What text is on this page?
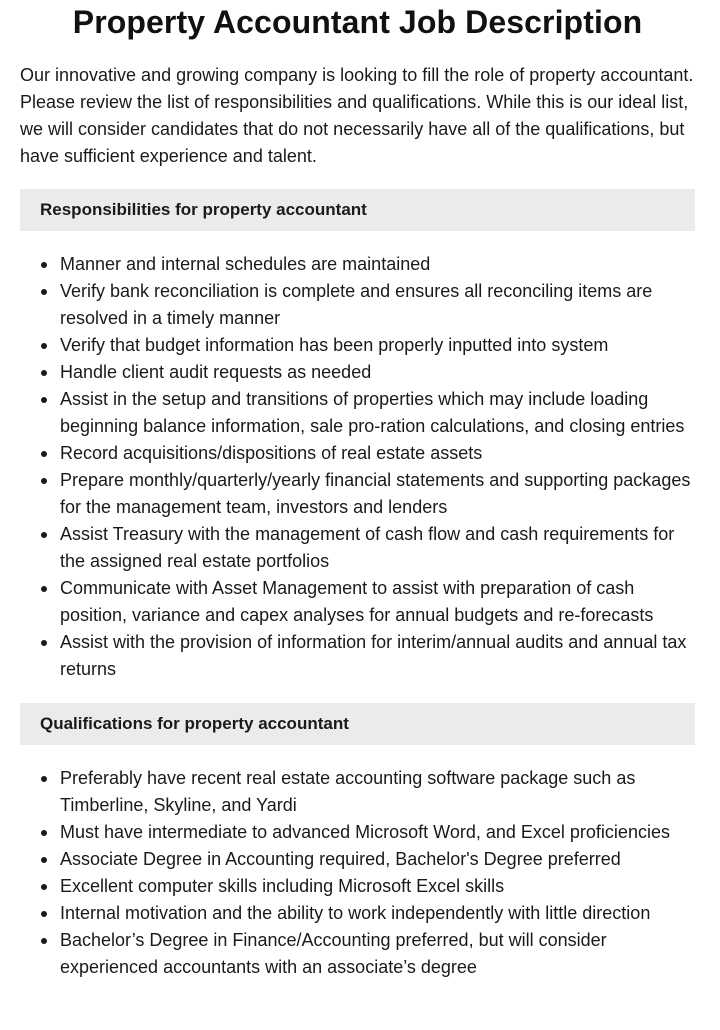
Property Accountant Job Description

Our innovative and growing company is looking to fill the role of property accountant. Please review the list of responsibilities and qualifications. While this is our ideal list, we will consider candidates that do not necessarily have all of the qualifications, but have sufficient experience and talent.

Responsibilities for property accountant
Manner and internal schedules are maintained
Verify bank reconciliation is complete and ensures all reconciling items are resolved in a timely manner
Verify that budget information has been properly inputted into system
Handle client audit requests as needed
Assist in the setup and transitions of properties which may include loading beginning balance information, sale pro-ration calculations, and closing entries
Record acquisitions/dispositions of real estate assets
Prepare monthly/quarterly/yearly financial statements and supporting packages for the management team, investors and lenders
Assist Treasury with the management of cash flow and cash requirements for the assigned real estate portfolios
Communicate with Asset Management to assist with preparation of cash position, variance and capex analyses for annual budgets and re-forecasts
Assist with the provision of information for interim/annual audits and annual tax returns
Qualifications for property accountant
Preferably have recent real estate accounting software package such as Timberline, Skyline, and Yardi
Must have intermediate to advanced Microsoft Word, and Excel proficiencies
Associate Degree in Accounting required, Bachelor's Degree preferred
Excellent computer skills including Microsoft Excel skills
Internal motivation and the ability to work independently with little direction
Bachelor’s Degree in Finance/Accounting preferred, but will consider experienced accountants with an associate’s degree
